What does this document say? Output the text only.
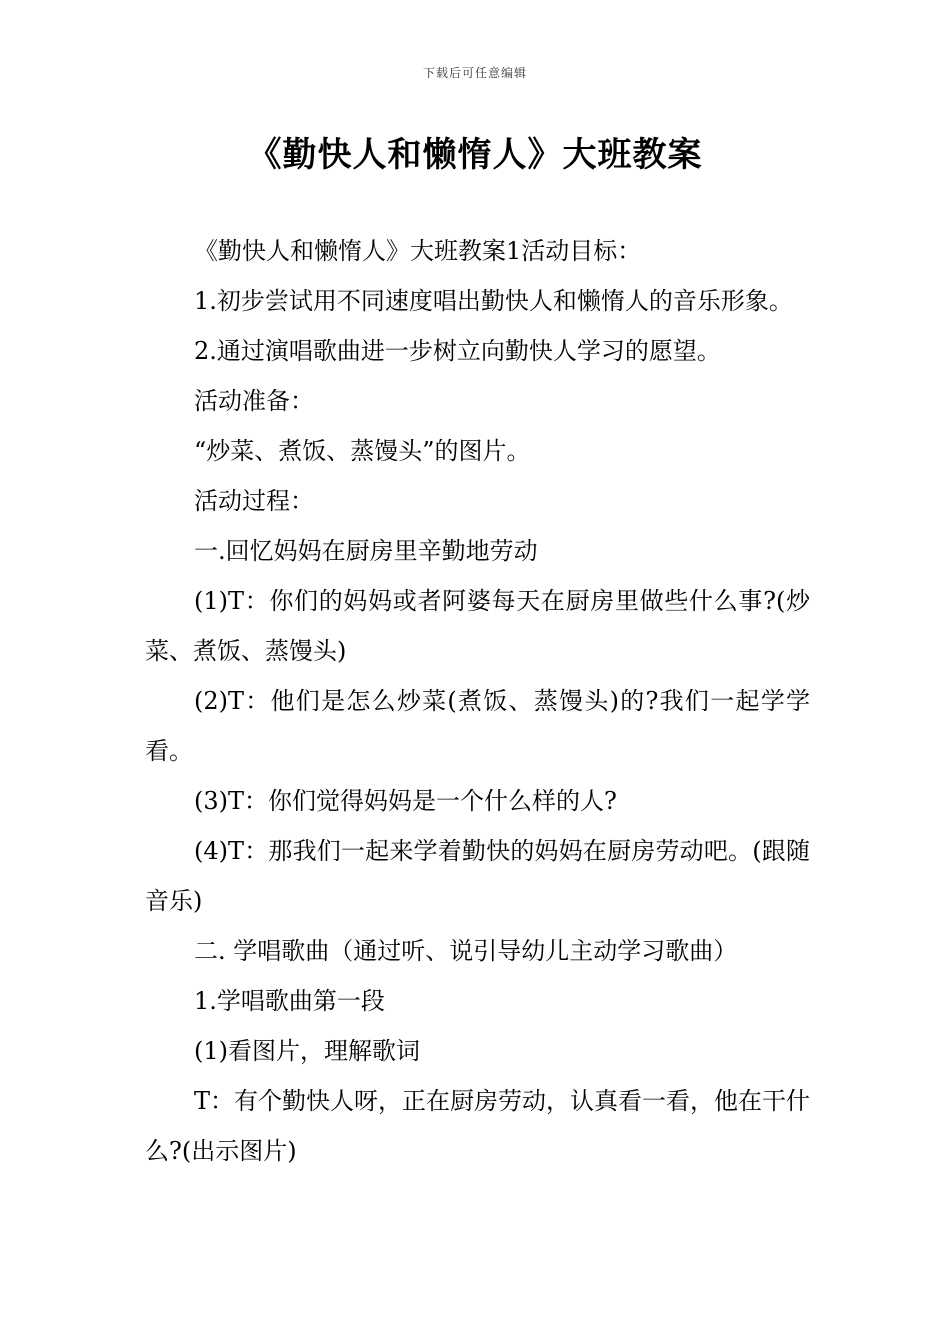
下载后可任意编辑
《勤快人和懒惰人》大班教案

《勤快人和懒惰人》大班教案1活动目标：

1.初步尝试用不同速度唱出勤快人和懒惰人的音乐形象。

2.通过演唱歌曲进一步树立向勤快人学习的愿望。

活动准备：

“炒菜、煮饭、蒸馒头”的图片。

活动过程：

一.回忆妈妈在厨房里辛勤地劳动

(1)T：你们的妈妈或者阿婆每天在厨房里做些什么事?(炒菜、煮饭、蒸馒头)

(2)T：他们是怎么炒菜(煮饭、蒸馒头)的?我们一起学学看。

(3)T：你们觉得妈妈是一个什么样的人?

(4)T：那我们一起来学着勤快的妈妈在厨房劳动吧。(跟随音乐)

二. 学唱歌曲（通过听、说引导幼儿主动学习歌曲）

1.学唱歌曲第一段

(1)看图片，理解歌词

T：有个勤快人呀，正在厨房劳动，认真看一看，他在干什么?(出示图片)
